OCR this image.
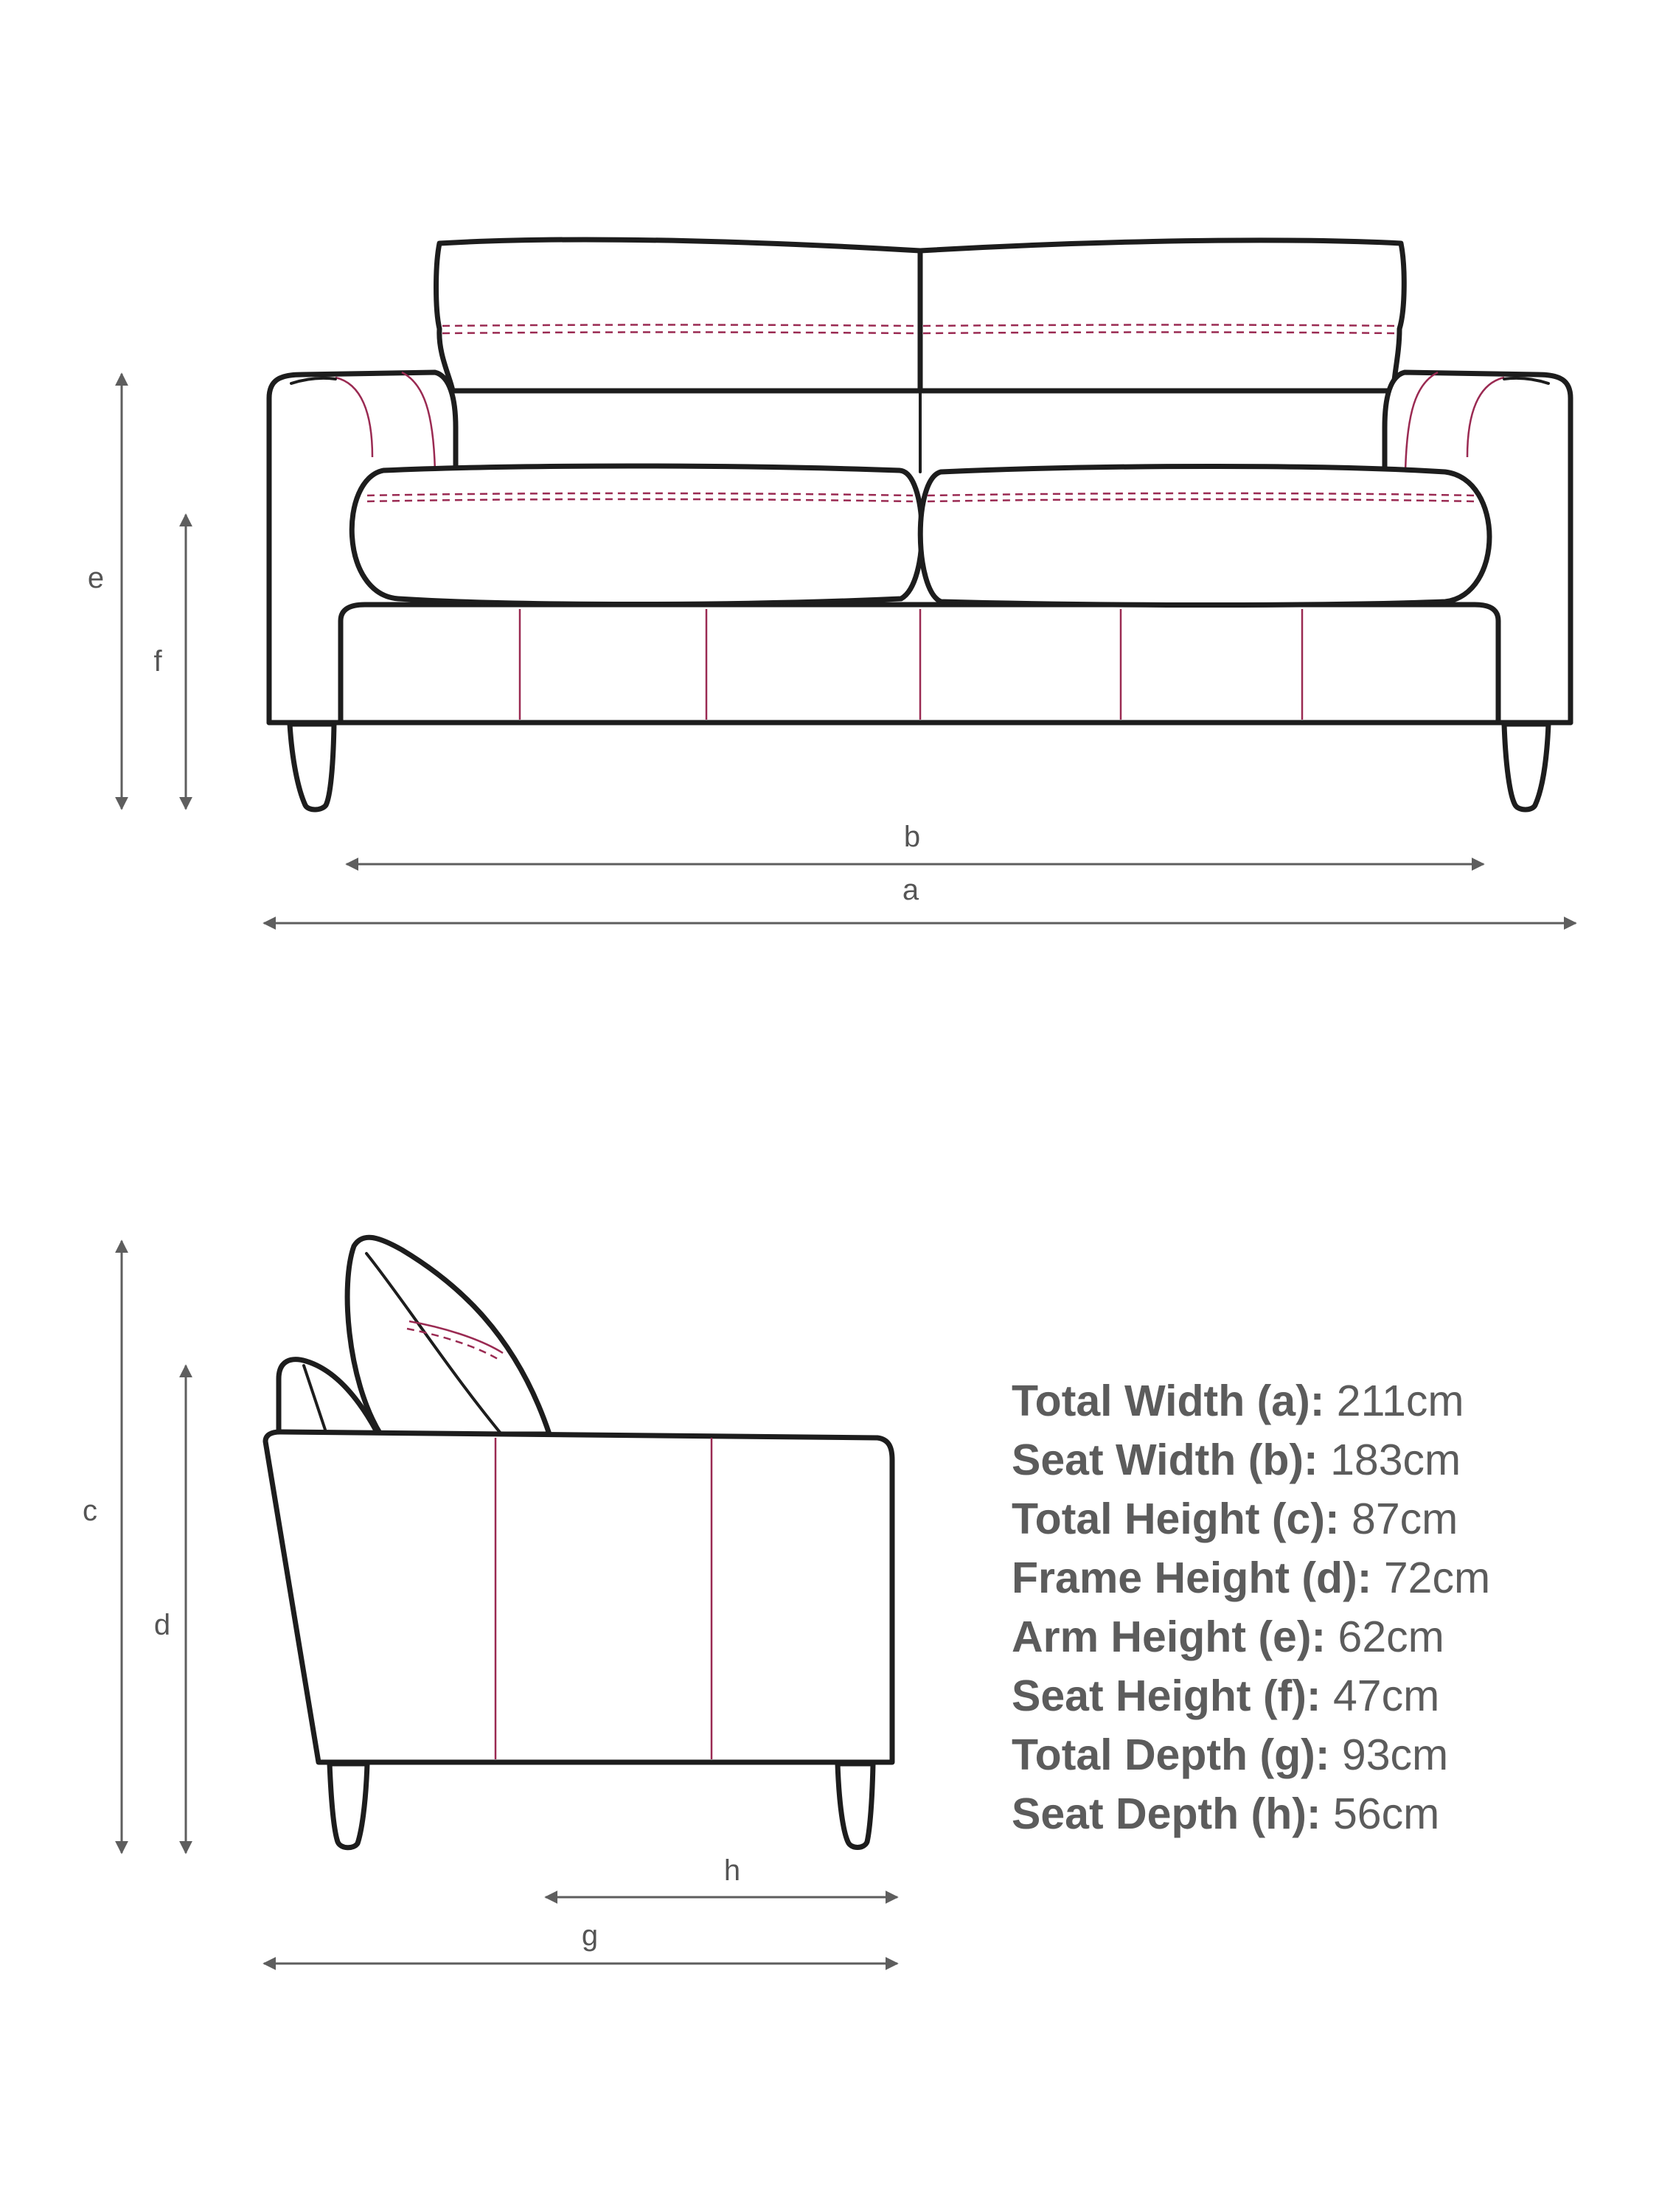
e
f
b
a
c
d
h
g
Total Width (a): 211cm
Seat Width (b): 183cm
Total Height (c): 87cm
Frame Height (d): 72cm
Arm Height (e): 62cm
Seat Height (f): 47cm
Total Depth (g): 93cm
Seat Depth (h): 56cm
